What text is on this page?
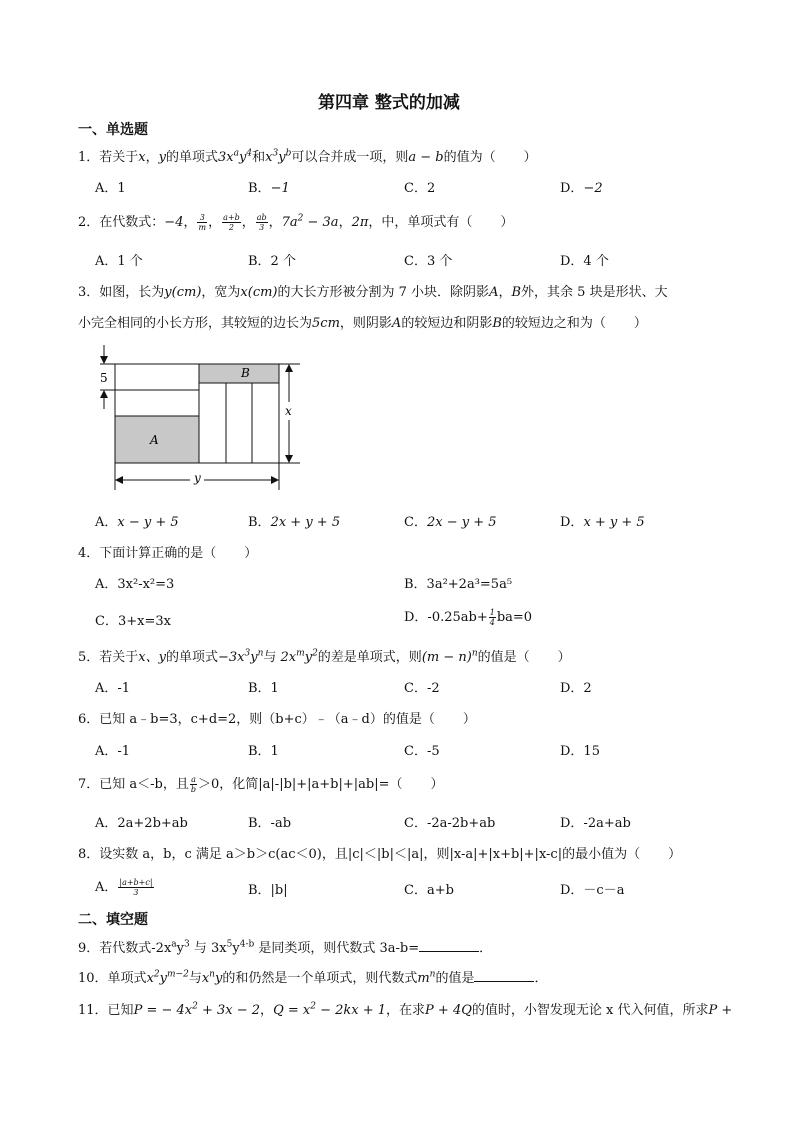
第四章 整式的加减
一、单选题
1．若关于x，y的单项式$3x^ay^4$和$x^3y^b$可以合并成一项，则a − b的值为（ ）
A．1	B．−1	C．2	D．−2
2．在代数式：−4， $\frac{3}{m}$ ， $\frac{a+b}{2}$ ， $\frac{ab}{3}$ ，$7a^2 - 3a$，2π，中，单项式有（ ）
A．1 个	B．2 个	C．3 个	D．4 个
3．如图，长为y(cm)，宽为x(cm)的大长方形被分割为 7 小块．除阴影A，B外，其余 5 块是形状、大
小完全相同的小长方形，其较短的边长为5cm，则阴影A的较短边和阴影B的较短边之和为（ ）
5
A
B
x
y
A．x − y + 5	B．2x + y + 5	C．2x − y + 5	D．x + y + 5
4．下面计算正确的是（ ）
A．3x²-x²=3	B．3a²+2a³=5a⁵
C．3+x=3x	D．$-0.25ab+ \frac{1}{4} ba=0$
5．若关于x、y的单项式$-3x^3y^n$与 $2x^my^2$的差是单项式，则$(m - n)^n$的值是（ ）
A．-1	B．1	C．-2	D．2
6．已知 a﹣b=3，c+d=2，则（b+c）﹣（a﹣d）的值是（ ）
A．-1	B．1	C．-5	D．15
7．已知 a＜-b，且 $\frac{a}{b} >0$，化简|a|-|b|+|a+b|+|ab|=（ ）
A．2a+2b+ab	B．-ab	C．-2a-2b+ab	D．-2a+ab
8．设实数 a，b，c 满足 a＞b＞c(ac＜0)，且|c|＜|b|＜|a|，则|x-a|+|x+b|+|x-c|的最小值为（ ）
A． $\frac{|a+b+c|}{3}$	B．|b|	C．a+b	D．－c－a
二、填空题
9．若代数式$-2x^ay^3$ 与 $3x^5y^{4-b}$ 是同类项，则代数式 3a-b=	．
10．单项式$x^2y^{m-2}$与$x^ny$的和仍然是一个单项式，则代数式$m^n$的值是	．
11．已知P = − $4x^2 + 3x - 2$，$Q = x^2 - 2kx + 1$，在求P + 4Q的值时，小智发现无论 x 代入何值，所求P +
